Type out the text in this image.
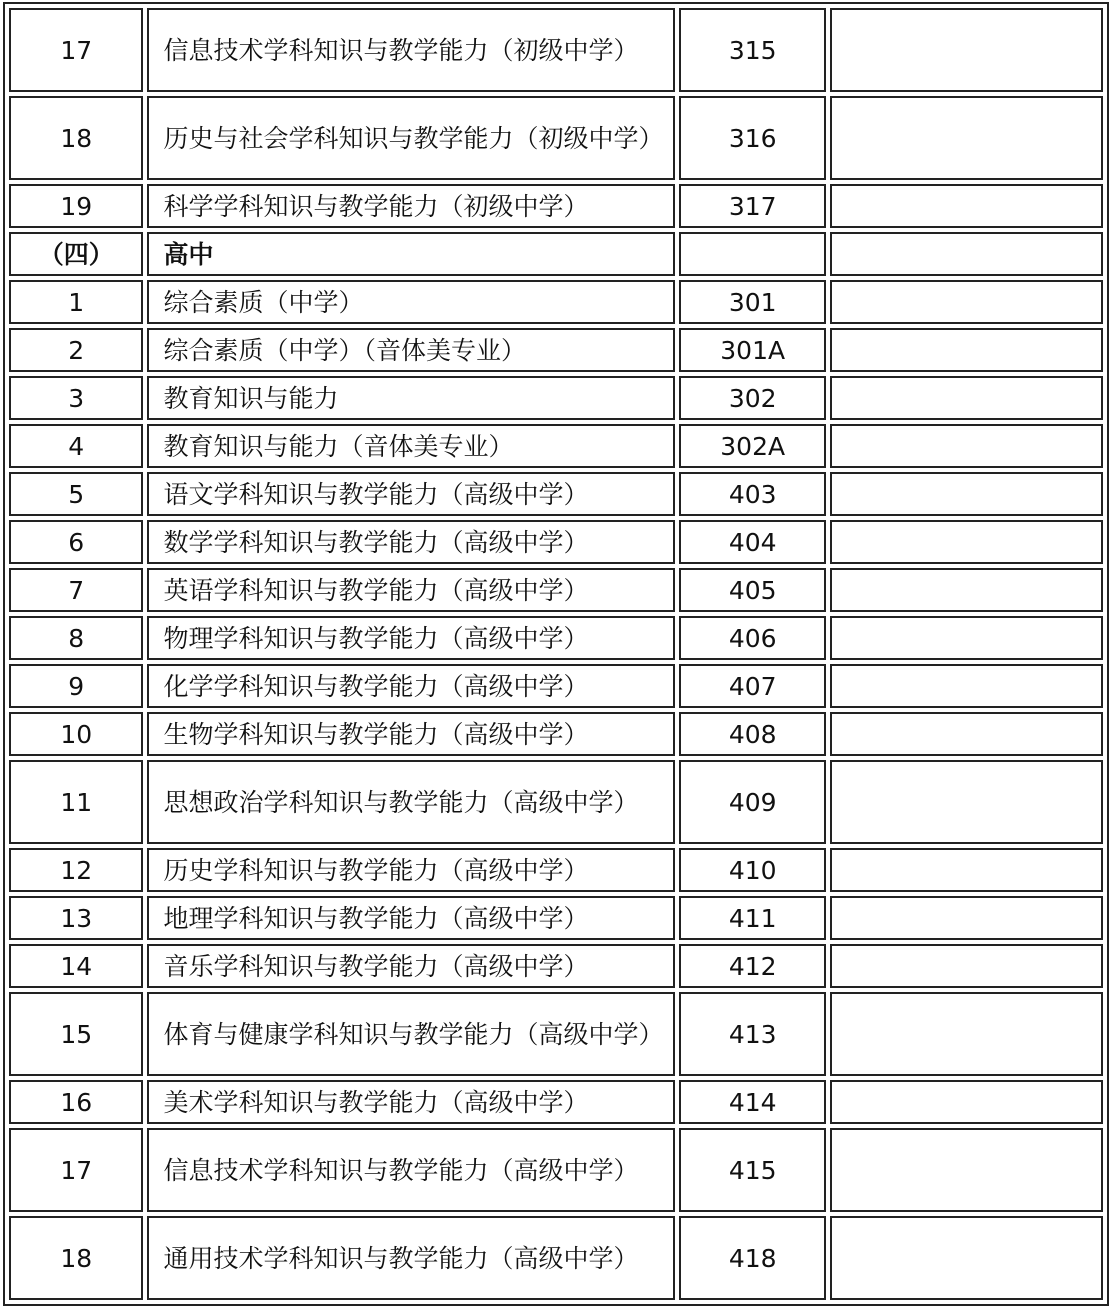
17	信息技术学科知识与教学能力（初级中学）	315	
18	历史与社会学科知识与教学能力（初级中学）	316	
19	科学学科知识与教学能力（初级中学）	317	
（四）	高中		
1	综合素质（中学）	301	
2	综合素质（中学）（音体美专业）	301A	
3	教育知识与能力	302	
4	教育知识与能力（音体美专业）	302A	
5	语文学科知识与教学能力（高级中学）	403	
6	数学学科知识与教学能力（高级中学）	404	
7	英语学科知识与教学能力（高级中学）	405	
8	物理学科知识与教学能力（高级中学）	406	
9	化学学科知识与教学能力（高级中学）	407	
10	生物学科知识与教学能力（高级中学）	408	
11	思想政治学科知识与教学能力（高级中学）	409	
12	历史学科知识与教学能力（高级中学）	410	
13	地理学科知识与教学能力（高级中学）	411	
14	音乐学科知识与教学能力（高级中学）	412	
15	体育与健康学科知识与教学能力（高级中学）	413	
16	美术学科知识与教学能力（高级中学）	414	
17	信息技术学科知识与教学能力（高级中学）	415	
18	通用技术学科知识与教学能力（高级中学）	418	
